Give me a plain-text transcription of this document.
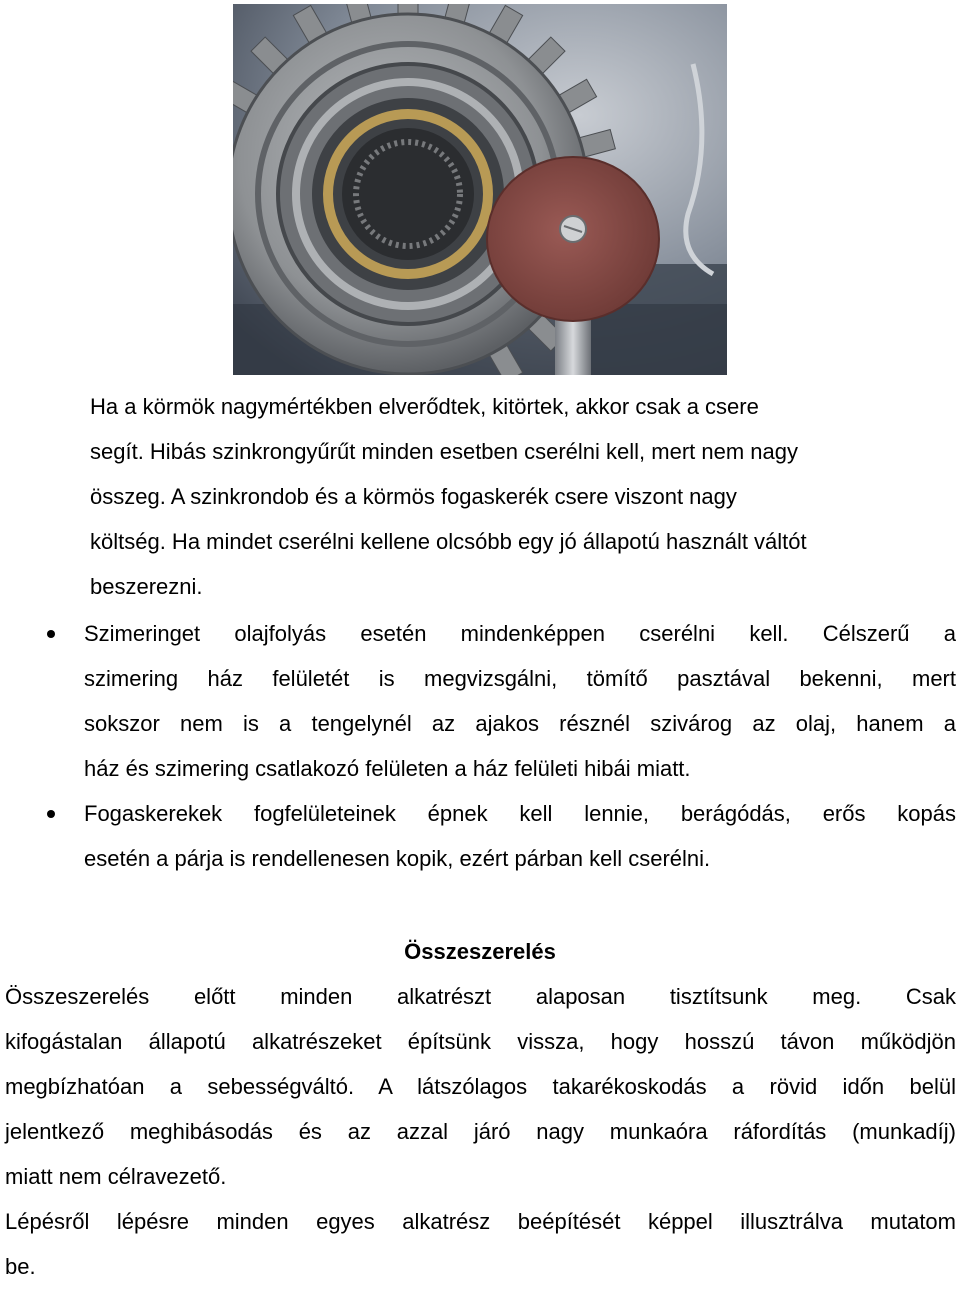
Ha a körmök nagymértékben elverődtek, kitörtek, akkor csak a csere
segít. Hibás szinkrongyűrűt minden esetben cserélni kell, mert nem nagy
összeg. A szinkrondob és a körmös fogaskerék csere viszont nagy
költség. Ha mindet cserélni kellene olcsóbb egy jó állapotú használt váltót
beszerezni.

Szimeringet olajfolyás esetén mindenképpen cserélni kell. Célszerű a
szimering ház felületét is megvizsgálni, tömítő pasztával bekenni, mert
sokszor nem is a tengelynél az ajakos résznél szivárog az olaj, hanem a
ház és szimering csatlakozó felületen a ház felületi hibái miatt.
Fogaskerekek fogfelületeinek épnek kell lennie, berágódás, erős kopás
esetén a párja is rendellenesen kopik, ezért párban kell cserélni.
Összeszerelés

Összeszerelés előtt minden alkatrészt alaposan tisztítsunk meg. Csak
kifogástalan állapotú alkatrészeket építsünk vissza, hogy hosszú távon működjön
megbízhatóan a sebességváltó. A látszólagos takarékoskodás a rövid időn belül
jelentkező meghibásodás és az azzal járó nagy munkaóra ráfordítás (munkadíj)
miatt nem célravezető.
Lépésről lépésre minden egyes alkatrész beépítését képpel illusztrálva mutatom
be.
